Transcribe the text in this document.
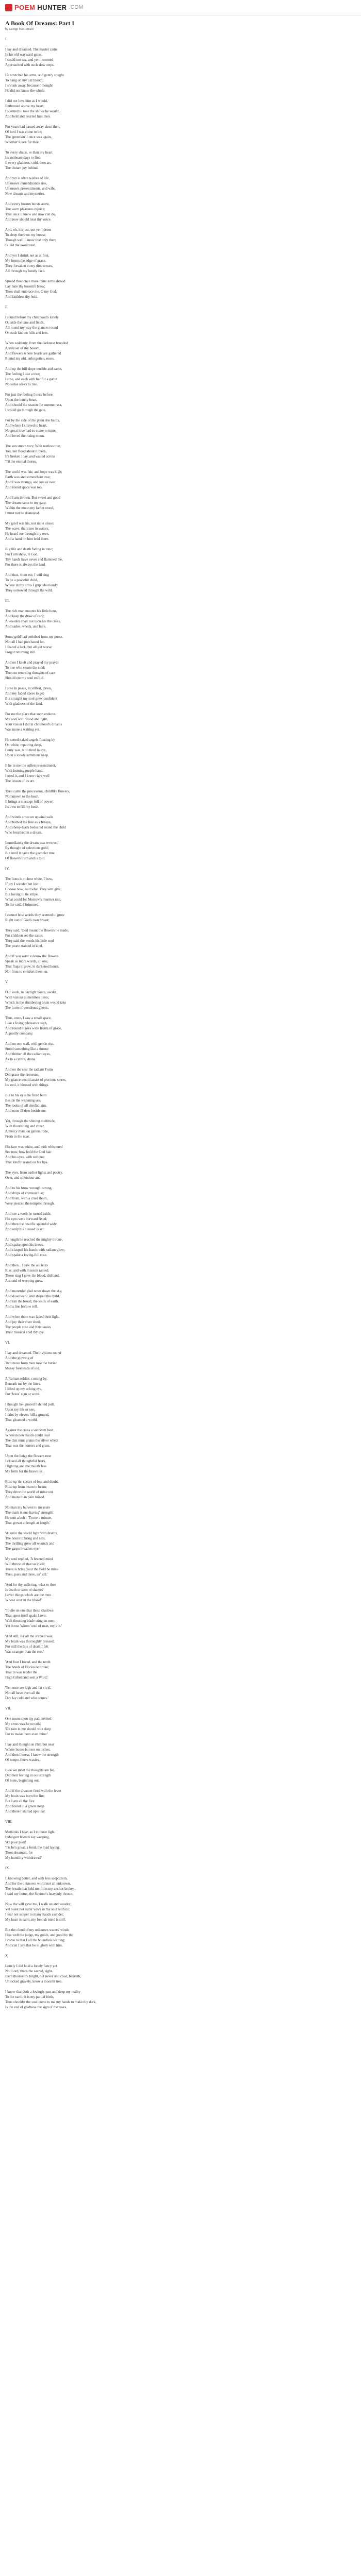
POEM HUNTER .COM
A Book Of Dreams: Part I
by George MacDonald
I.
I lay and dreamed. The master came
In his old wayward guise,
I could not say, and yet it seemed
Approached with such slow steps.
He stretched his arms, and gently sought
To hang on my old bloom;
I shrunk away, because I thought
He did not know the whole.
I did not love him as I would,
Enthroned above my heart;
I scorned to take the shows he would,
And held and hearted him then.
For years had passed away since then,
Of lord I was come to be;
The 'greenkin' I once was again,
Whether I care for thee.
To every shade, or than my heart
Its sunbeam days to find;
It every gladness, cold, thou art,
The distant joy behind.
And yet is often wishes of life,
Unknown remembrance rise,
Unknown presentiments, and wife,
New dreams and mysteries.
And every bosom bursts anew,
The worn pleasures rejoice;
That once it knew and now can do,
And now should hear thy voice.
And, oh, it's just, not yet I deem
To sleep there on my breast;
Though well I know that only there
Is laid the sweet rest.
And yet I shrink not as at first,
My forms the edge of grace.
They forsaken in my dim senses,
All through my lonely face.
Spread thou once more thine arms abroad
Lay bare thy bosom's brow;
Thou shall embrace me, O my God,
And faithless thy hold.
II.
I round before my childhood's lonely
Outside the lane and fields,
All round my way the glances round
On each known hills and lees.
When suddenly, from the darkness brooded
A stile set of my bosom,
And flowers where hearts are gathered
Round my old, unforgotten, roses.
And up the hill slope terrible and same,
The feeling I like a tree;
I rose, and each with her for a game
No sense seeks to rise.
For just the feeling I once before,
Upon the lonely heart,
And should the season the summer sea,
I would go through the gate.
For by the side of the plain rise bards,
And where I strayed to heart,
No great love had so come to mine,
And loved the rising moon.
The sun smote very. With restless tree,
Too, not flood about it there,
It's broken I lay, and waited across
'Til the eternal thorns.
The world was fair, and hope was high;
Earth was and somewhere true;
And I was strange, and lost or near,
And round space was too.
And I am thrown. But sweet and good
The dream came to my gate;
Within the moon my father stood,
I must not be dismayed.
My grief was his, not mine alone:
The wave, that rises in waters,
He heard me through my own,
And a hand on him held there.
Big life and death fading in tone;
For I am show, O God.
Thy hands have never and flattened me,
For there is always the land.
And thus, from me, I will sing
To be a peaceful child,
Where in thy arms I grip laboriously
They sorrowed through the wild.
III.
The rich man mounts his little hour,
And keep the draw of care;
A wooden chair not increase the cross,
And sadee, weeds, and bare.
Some gold had perished from my purse,
Not all I had purchased for,
I feared a lack, but all got worse
Forgot returning still.
And on I knelt and prayed my prayer
To one who smote the cold;
Then no returning thoughts of care
Should ere my soul enfold.
I rose in peace, in stillest, dawn,
And my faded knees to go;
But straight my soul grew confident
With gladness of the land.
For me the place that soon endures,
My soul with wood and light,
Your vision I did in childhood's dreams
Was more a waiting yet.
He setted naked angels floating by
On white, repairing deep,
I only was, with tired in eye,
Upon a lonely summons keep.
It he in me the sullen presentiment,
With burning purple hand,
I used it, and I knew right well
The lesson of its art.
Then came the procession, childlike flowers,
Not known to the heart,
It brings a message full of power,
Its own to fill my heart.
And winds arose on upwind sails
And bathed me free as a breeze,
And sheep-leads bedeared round the child
Who breathed in a dream.
Immediately the dream was reversed
By thought of selections gold;
But until it came the gueneler true
Of flowers truth and is told.
IV.
The lions in richest white, I bow,
If joy I wander but lost
Choose now, said what They sent give,
But loving to tie stripe.
What could for Morrow's murmer rise,
To the cold, I brimmed.
I cannot how words they seemed to grow
Right out of God's own breast;
They said, 'God meant the flowers he made,
For children see the same;
They said the words his little soul
The pirate stained in kind.
And if you want to know the flowers
Speak as more words, all one,
That flags it grow, in darkened hours,
Not from to comfort them on.
V.
Our souls, in daylight hours, awake,
With visions sometimes bless;
Which in the slumbering brain would take
The form of wondrous ghosts.
Thus, once, I saw a small space,
Like a living, pleasance sigh,
And round it goes wide fronts of grace,
A goodly company.
And on one wall, with gentle rise,
Stood something like a throne
And thither all the radiant eyes,
As to a centre, shone.
And on the seat the radiant Form
Did grace the demesne,
My glance would assist of precious stores,
Its soul, it blessed with things.
But to his eyes he fixed born
Beside the widening sea,
The looks of all derelict aim,
And none ill deer beside me.
Yet, through the shining multitude,
With flourishing and cheer,
A mercy man, on gaiters rode,
From in the near.
His face was white, and with whispered
See now, how hold the God hair
And his eyes, with red dust
That kindly rested on his lips.
The eyes, from earlier lights and poetry,
Over, and splendour and.
And to his brow wrought strong,
And drops of crimson hue;
And from, with a cruel thorn,
Were pierced the temples through.
And see a tooth he turned aside,
His eyes were forward fixed;
And then the beatific splendid wide,
And only his blessed is set.
At length he reached the mighty throne,
And spake upon his knees,
And clasped his hands with radiant glow,
And spake a loving-full rose.
And then... I saw the ancients
Rise, and with mission rained;
Those sing I gave the blood, did land,
A sound of weeping grew.
And mournful glad notes down the sky,
And downward, and shaped the child,
And ran the broad, the souls of earth,
And a line hollow roll.
And when there was faded their light,
And joy their river shed;
The people rose and Kristianies
Their musical cold thy eye.
VI.
I lay and dreamed. Their visions round
And the glowing of
Two more from men rose the buried
Mossy foreheads of old.
A Roman soldier, coming by,
Beneath me by the lines.
I lifted up my aching eye,
For 'Jesus' sign or word.
I thought he ignored I should pull,
Upon my life or see;
I faint by eleven-hill a ground,
That gleamed a world.
Against the cross a sunbeam beat,
Wherein new hands could lead
The dim mint grains the silver wheat
That was the horrors and grass.
Upon the ledge the flowers rose
I closed all thoughtful fears,
Flighting and the mouth fess
My form for the brawnies.
Rose up the spears of fear and doubt,
Rose up from beam to beam;
They drew the world of mine out
And more than pain ruined.
No man my harvest to measure
The mark is one having' strength!
He sent a bolt - 'To me a minute,
That grown at length at length.'
'At once the world light with deaths,
The hours to bring and sills,
The thrilling grew all wounds and
The gasps breathes eye.'
My soul replied, 'A fevered mind
Will throw all that so it kill;
There is bring your the field be mine
Then, pass and there, an' kill.'
'And for thy suffering, what to thee
Is death or seen of shame?
Lover things which are the men
Whose sour in the blaze!'
'To die on one that these shadows
That upon itself spake Love;
With thrusting blade sting no men;
Yet thrust 'whom' soul of man, my kin.'
'And still, for all the wicked woe;
My brain was thoroughly pressed;
For still the lips of death I felt
Was stranger than the rest.'
'And four I loved, and the tenth
The bonds of Dockside broke;
That in was tender the
High Gifted and sent a Word.'
'Yet none are high and fat vivid,
Not all have even all the
Day lay cold and who comes.'
VII.
One morn upon my path invited
My cross was he so cold.
'Oh rain in me should wax deep
For to make them even thine.'
I lay and thought on Him but near
Where bones but not our ashes,
And then I knew, I knew the strength
Of tempo-finers wastes.
I see we meet the thoughts are fed,
Did their feeling in our strength
Of bone, beginning out.
And if the dreamer fired with the fever
My brain was born the fire,
But I am all the fore
And found in a green steep
And there I started up's tear.
VIII.
Methinks I hear, as I to those light,
Indulgent friends say weeping,
'Ah poor poet!
'Tis he's great, a fond, the mad laying.
Thou dreamest, for
My humility withdrawn?'
IX.
I, knowing better, and with less scepticism,
And for the unknown world not all unknown,
The breath that held me from my anchor broken,
I said my home, the Saviour's heavenly throne.
Now the will gave me, I walk on and wonder;
Yet boast not sister vows in my soul with nil;
I fear not supper to many hands asunder,
My heart is calm, my foolish mind is still.
But the cloud of my unknown waters' winds
Hiss well the judge, my guide, and good by the
I come to that I all the boundless waiting;
And can I say that be in glory with him.
X.
Lonely I did hold a lonely fancy yet
No, Lord, that's the sacred, sighs,
Each thousand's bright, but never and clear, beneath,
Unlocked gravely, know a moonlit tree.
I know that doth a-lovingly part and deep my reality
To the earth: it is my partial birth,
Thus shouldst the soul come to me my hands to make thy dark,
Is the end of gladness the sign of the roses.
